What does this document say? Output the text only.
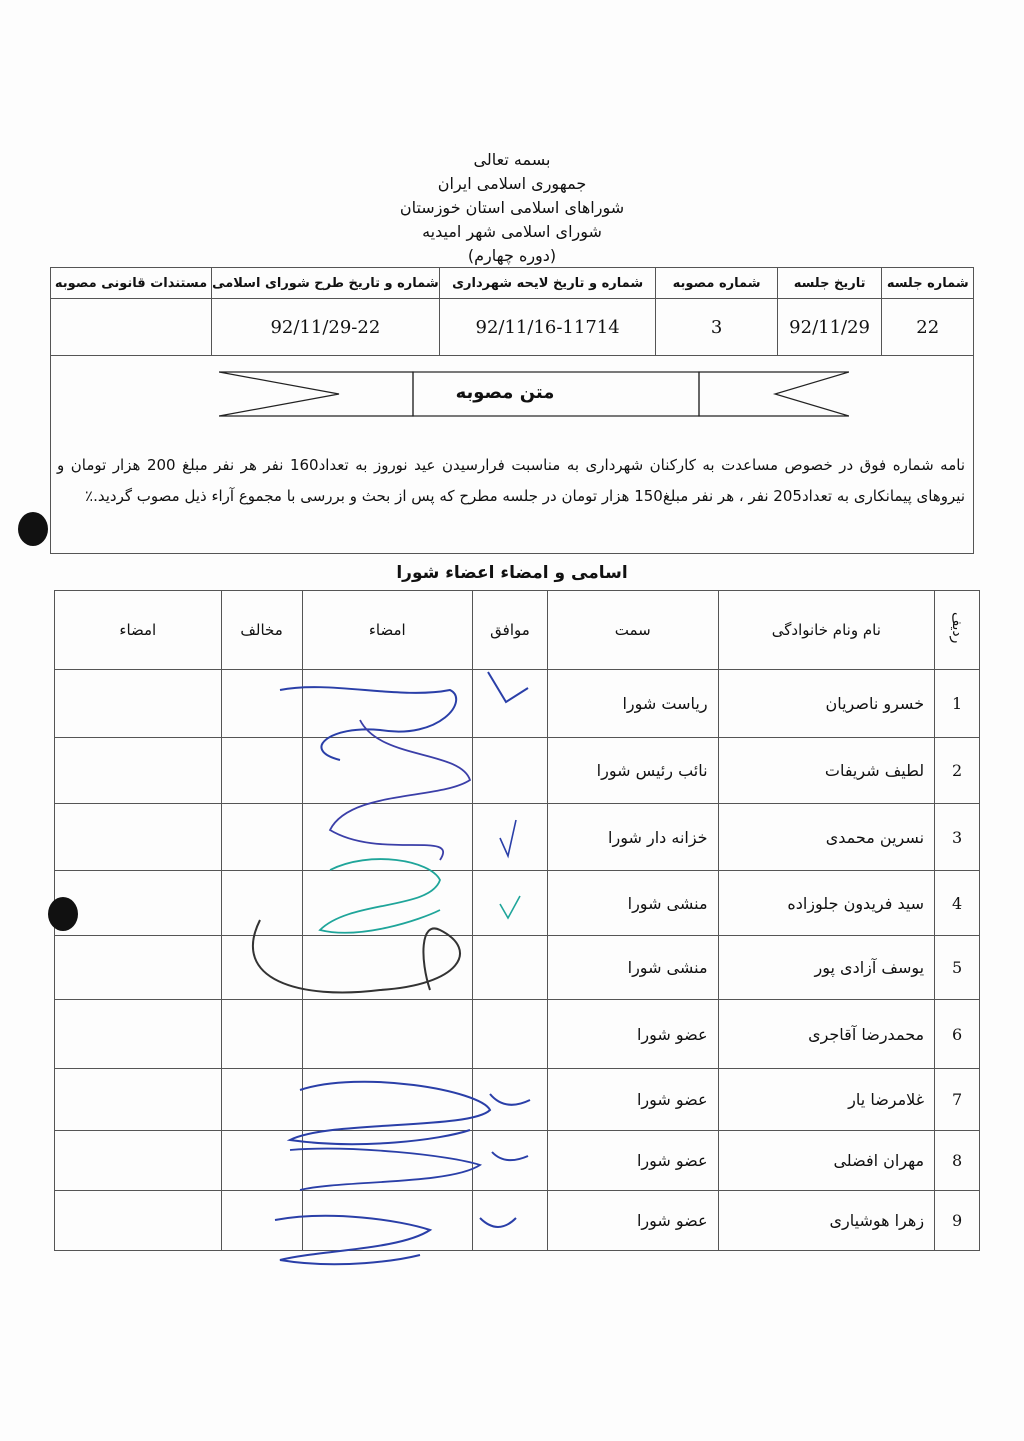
بسمه تعالی
جمهوری اسلامی ایران
شوراهای اسلامی استان خوزستان
شورای اسلامی شهر امیدیه
(دوره چهارم)
شماره جلسه	تاریخ جلسه	شماره مصوبه	شماره و تاریخ لایحه شهرداری	شماره و تاریخ طرح شورای اسلامی	مستندات قانونی مصوبه
22	92/11/29	3	92/11/16-11714	92/11/29-22	
نامه شماره فوق در خصوص مساعدت به کارکنان شهرداری به مناسبت فرارسیدن عید نوروز به تعداد160 نفر هر نفر مبلغ 200 هزار تومان و نیروهای پیمانکاری به تعداد205 نفر ، هر نفر مبلغ150 هزار تومان در جلسه مطرح که پس از بحث و بررسی با مجموع آراء ذیل مصوب گردید.٪
متن مصوبه
اسامی و امضاء اعضاء شورا
ردیف	نام ونام خانوادگی	سمت	موافق	امضاء	مخالف	امضاء
1	خسرو ناصریان	ریاست شورا				
2	لطیف شریفات	نائب رئیس شورا				
3	نسرین محمدی	خزانه دار شورا				
4	سید فریدون جلوزاده	منشی شورا				
5	یوسف آزادی پور	منشی شورا				
6	محمدرضا آقاجری	عضو شورا				
7	غلامرضا یار	عضو شورا				
8	مهران افضلی	عضو شورا				
9	زهرا هوشیاری	عضو شورا				
